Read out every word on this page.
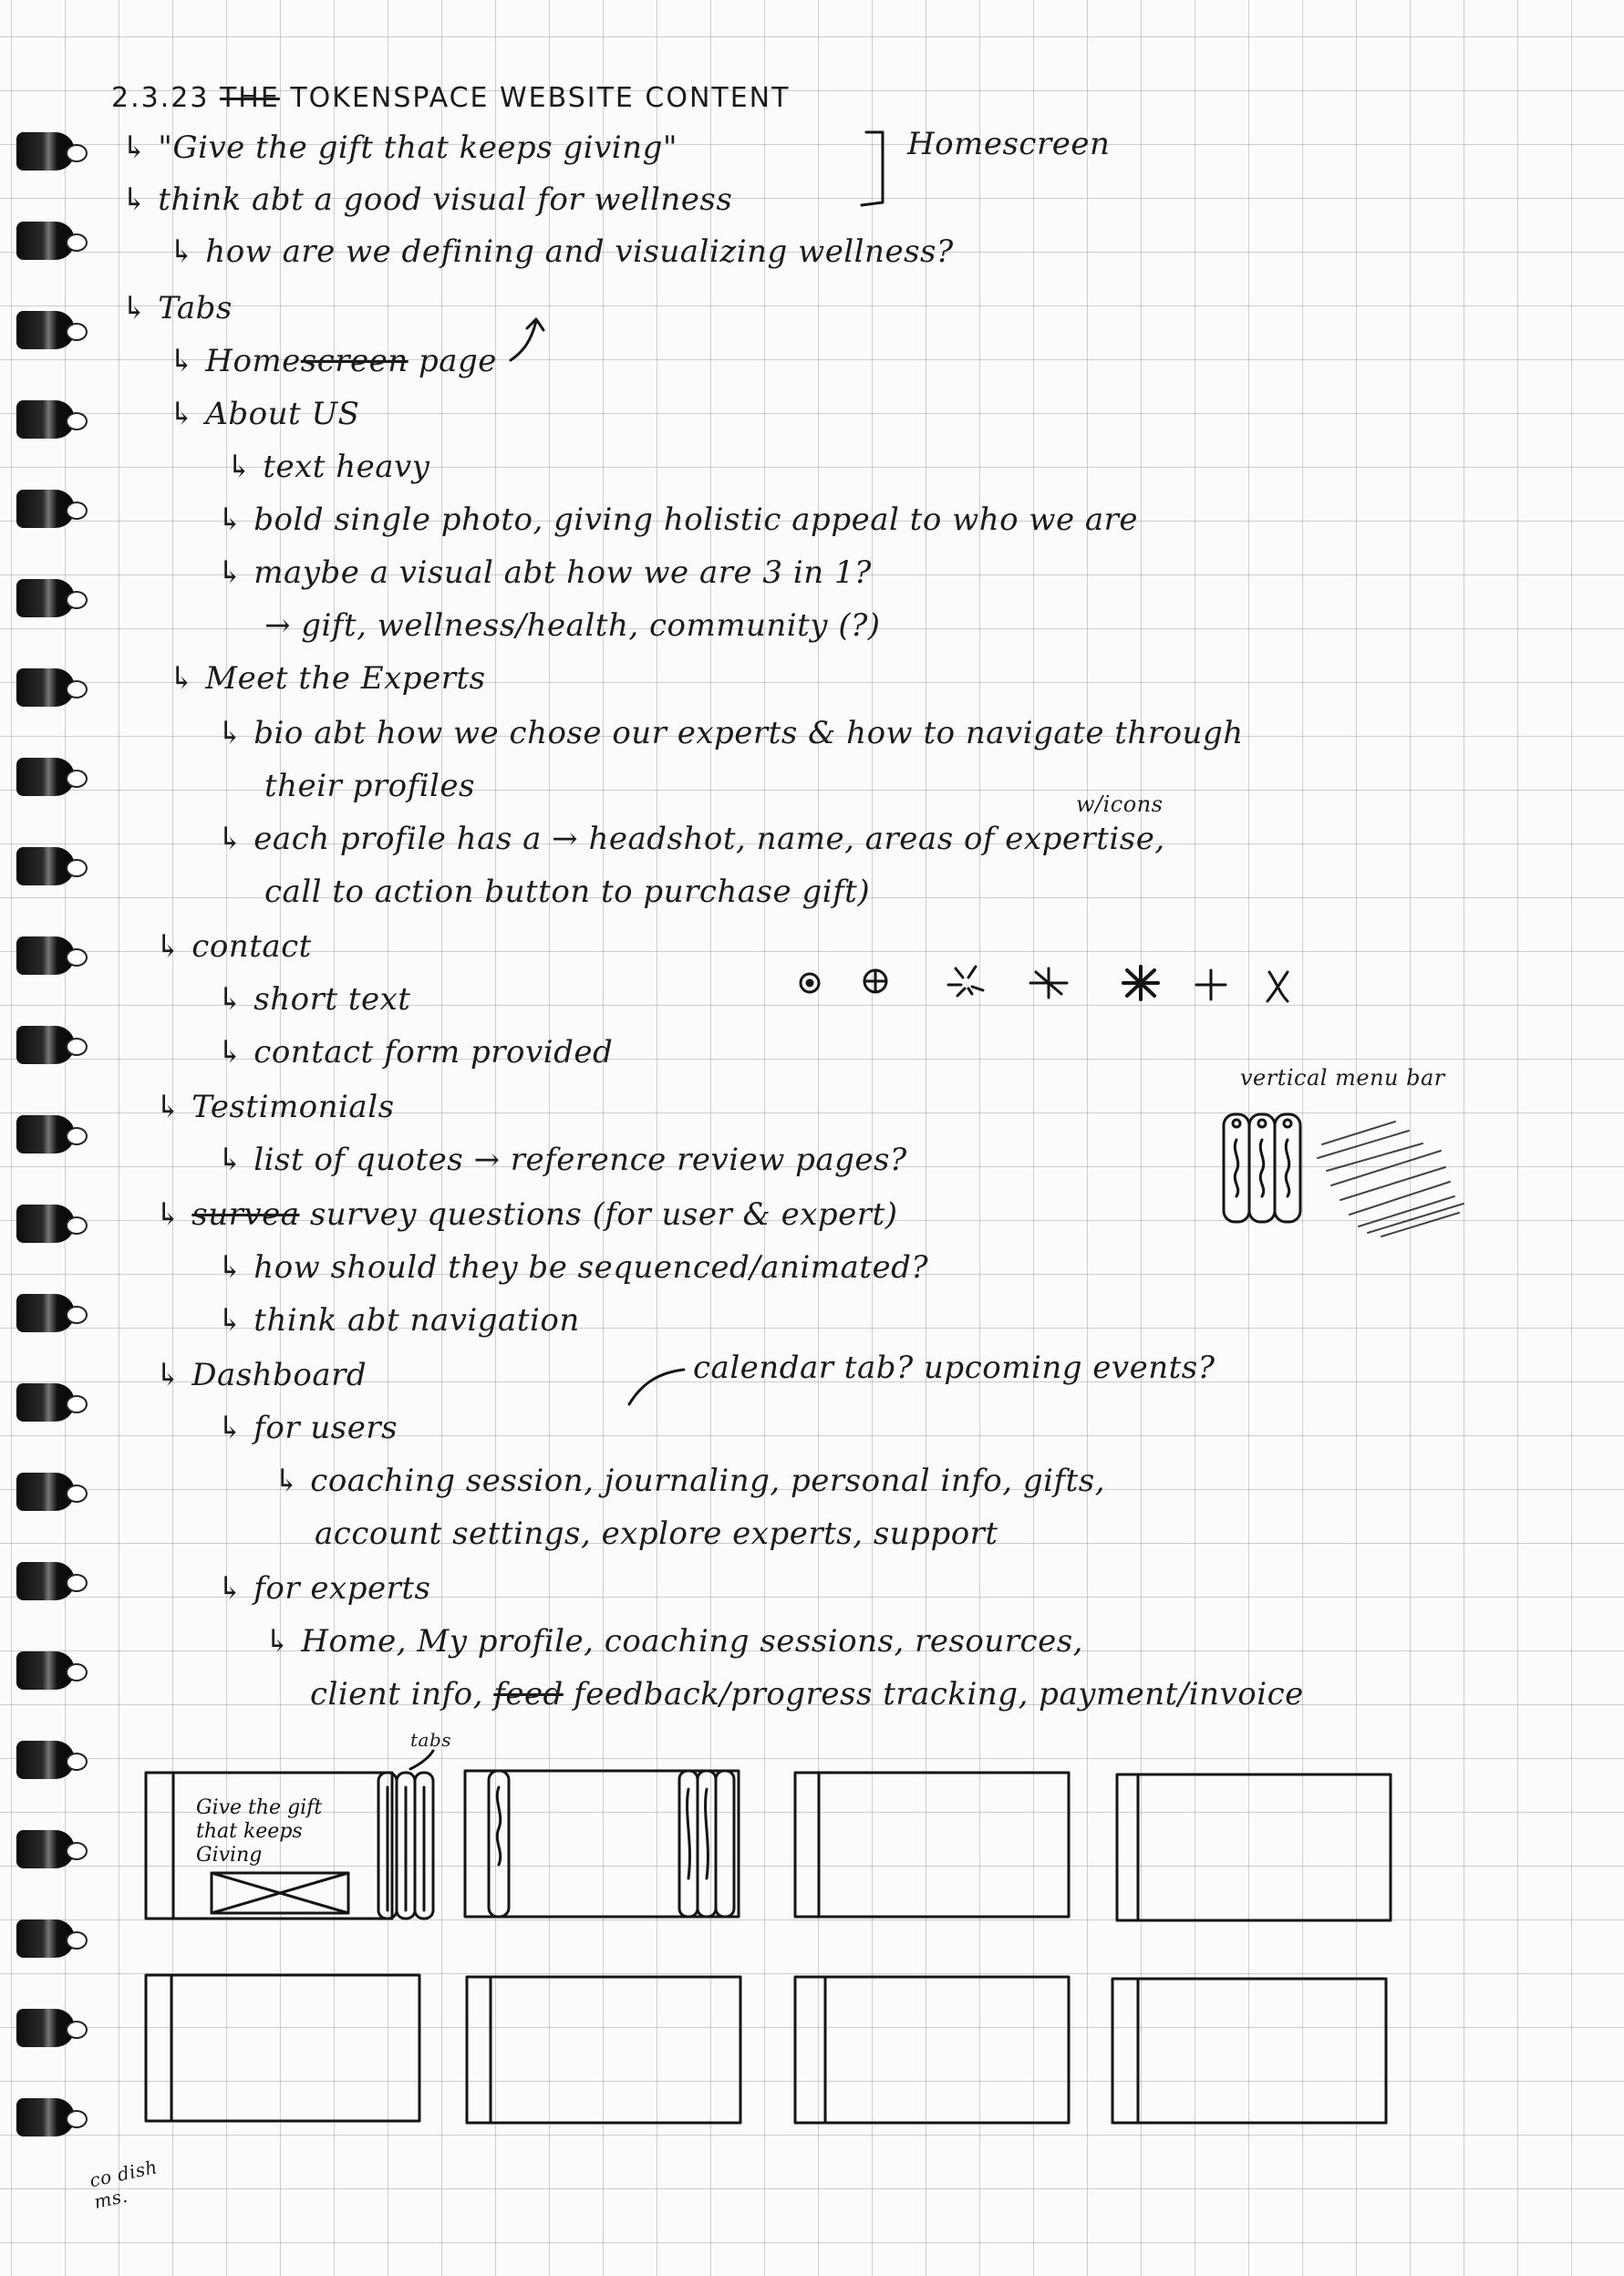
2.3.23 THE TOKENSPACE WEBSITE CONTENT
↳ "Give the gift that keeps giving"
↳ think abt a good visual for wellness
Homescreen
↳ how are we defining and visualizing wellness?
↳ Tabs
↳ Homescreen page
↳ About US
↳ text heavy
↳ bold single photo, giving holistic appeal to who we are
↳ maybe a visual abt how we are 3 in 1?
→ gift, wellness/health, community (?)
↳ Meet the Experts
↳ bio abt how we chose our experts & how to navigate through
their profiles	w/icons
↳ each profile has a → headshot, name, areas of expertise,
call to action button to purchase gift)
↳ contact
↳ short text
↳ contact form provided
↳ Testimonials
↳ list of quotes → reference review pages?
↳ survea survey questions (for user & expert)
↳ how should they be sequenced/animated?
↳ think abt navigation
↳ Dashboard	calendar tab? upcoming events?
↳ for users
↳ coaching session, journaling, personal info, gifts,
account settings, explore experts, support
↳ for experts
↳ Home, My profile, coaching sessions, resources,
client info, feed feedback/progress tracking, payment/invoice
vertical menu bar
tabs
Give the gift that keeps Giving
co dish ms.
